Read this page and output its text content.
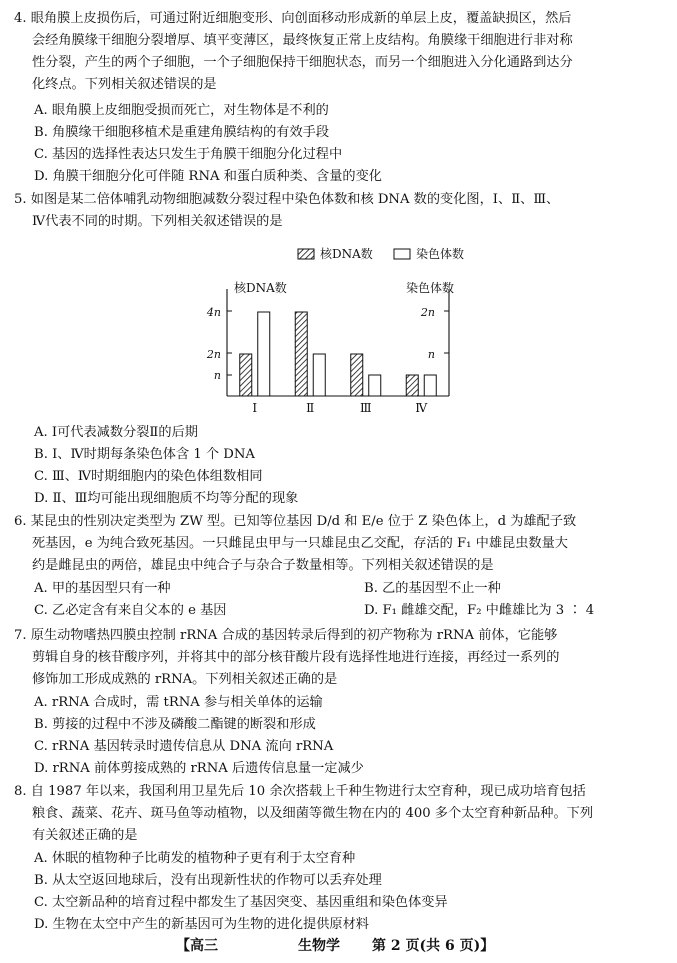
4. 眼角膜上皮损伤后，可通过附近细胞变形、向创面移动形成新的单层上皮，覆盖缺损区，然后
会经角膜缘干细胞分裂增厚、填平变薄区，最终恢复正常上皮结构。角膜缘干细胞进行非对称
性分裂，产生的两个子细胞，一个子细胞保持干细胞状态，而另一个细胞进入分化通路到达分
化终点。下列相关叙述错误的是
A. 眼角膜上皮细胞受损而死亡，对生物体是不利的
B. 角膜缘干细胞移植术是重建角膜结构的有效手段
C. 基因的选择性表达只发生于角膜干细胞分化过程中
D. 角膜干细胞分化可伴随 RNA 和蛋白质种类、含量的变化
5. 如图是某二倍体哺乳动物细胞减数分裂过程中染色体数和核 DNA 数的变化图，Ⅰ、Ⅱ、Ⅲ、
Ⅳ代表不同的时期。下列相关叙述错误的是
核DNA数	染色体数
核DNA数	染色体数
4n
2n
n
2n
n
Ⅰ	Ⅱ	Ⅲ	Ⅳ
A. Ⅰ可代表减数分裂Ⅱ的后期
B. Ⅰ、Ⅳ时期每条染色体含 1 个 DNA
C. Ⅲ、Ⅳ时期细胞内的染色体组数相同
D. Ⅱ、Ⅲ均可能出现细胞质不均等分配的现象
6. 某昆虫的性别决定类型为 ZW 型。已知等位基因 D/d 和 E/e 位于 Z 染色体上，d 为雄配子致
死基因，e 为纯合致死基因。一只雌昆虫甲与一只雄昆虫乙交配，存活的 F₁ 中雄昆虫数量大
约是雌昆虫的两倍，雄昆虫中纯合子与杂合子数量相等。下列相关叙述错误的是
A. 甲的基因型只有一种	B. 乙的基因型不止一种
C. 乙必定含有来自父本的 e 基因	D. F₁ 雌雄交配，F₂ 中雌雄比为 3 ∶ 4
7. 原生动物嗜热四膜虫控制 rRNA 合成的基因转录后得到的初产物称为 rRNA 前体，它能够
剪辑自身的核苷酸序列，并将其中的部分核苷酸片段有选择性地进行连接，再经过一系列的
修饰加工形成成熟的 rRNA。下列相关叙述正确的是
A. rRNA 合成时，需 tRNA 参与相关单体的运输
B. 剪接的过程中不涉及磷酸二酯键的断裂和形成
C. rRNA 基因转录时遗传信息从 DNA 流向 rRNA
D. rRNA 前体剪接成熟的 rRNA 后遗传信息量一定减少
8. 自 1987 年以来，我国利用卫星先后 10 余次搭载上千种生物进行太空育种，现已成功培育包括
粮食、蔬菜、花卉、斑马鱼等动植物，以及细菌等微生物在内的 400 多个太空育种新品种。下列
有关叙述正确的是
A. 休眠的植物种子比萌发的植物种子更有利于太空育种
B. 从太空返回地球后，没有出现新性状的作物可以丢弃处理
C. 太空新品种的培育过程中都发生了基因突变、基因重组和染色体变异
D. 生物在太空中产生的新基因可为生物的进化提供原材料
【高三	生物学 第 2 页(共 6 页)】
